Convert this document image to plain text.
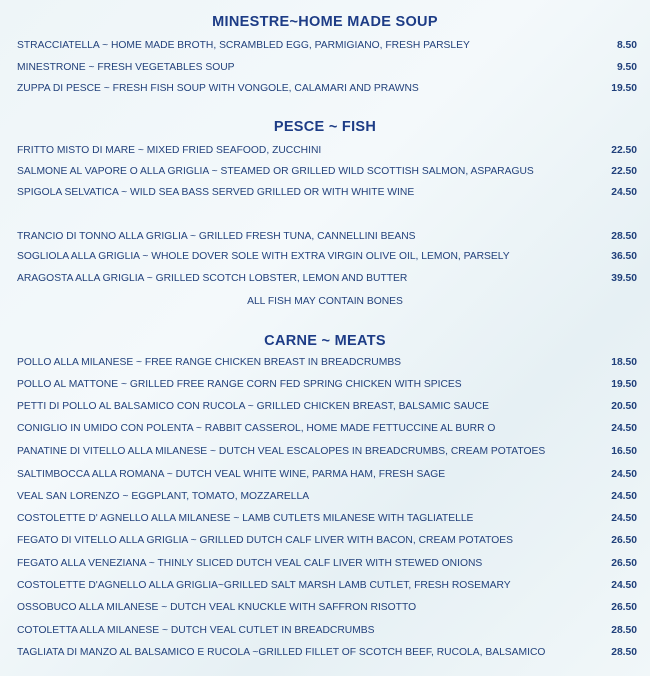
MINESTRE~HOME MADE SOUP
STRACCIATELLA ~ HOME MADE BROTH, SCRAMBLED EGG, PARMIGIANO, FRESH PARSLEY	8.50
MINESTRONE ~ FRESH VEGETABLES SOUP	9.50
ZUPPA DI PESCE ~ FRESH FISH SOUP WITH VONGOLE, CALAMARI AND PRAWNS	19.50
PESCE ~ FISH
FRITTO MISTO DI MARE ~ MIXED FRIED SEAFOOD, ZUCCHINI	22.50
SALMONE AL VAPORE O ALLA GRIGLIA ~ STEAMED OR GRILLED WILD SCOTTISH SALMON, ASPARAGUS	22.50
SPIGOLA SELVATICA ~ WILD SEA BASS SERVED GRILLED OR WITH WHITE WINE	24.50
TRANCIO DI TONNO ALLA GRIGLIA ~ GRILLED FRESH TUNA, CANNELLINI BEANS	28.50
SOGLIOLA ALLA GRIGLIA ~ WHOLE DOVER SOLE WITH EXTRA VIRGIN OLIVE OIL, LEMON, PARSELY	36.50
ARAGOSTA ALLA GRIGLIA ~ GRILLED SCOTCH LOBSTER, LEMON AND BUTTER	39.50
ALL FISH MAY CONTAIN BONES
CARNE ~ MEATS
POLLO ALLA MILANESE ~ FREE RANGE CHICKEN BREAST IN BREADCRUMBS	18.50
POLLO AL MATTONE ~ GRILLED FREE RANGE CORN FED SPRING CHICKEN WITH SPICES	19.50
PETTI DI POLLO AL BALSAMICO CON RUCOLA ~ GRILLED CHICKEN BREAST, BALSAMIC SAUCE	20.50
CONIGLIO IN UMIDO CON POLENTA ~ RABBIT CASSEROL, HOME MADE FETTUCCINE AL BURR O	24.50
PANATINE DI VITELLO ALLA MILANESE ~ DUTCH VEAL ESCALOPES IN BREADCRUMBS, CREAM POTATOES	16.50
SALTIMBOCCA ALLA ROMANA ~ DUTCH VEAL WHITE WINE, PARMA HAM, FRESH SAGE	24.50
VEAL SAN LORENZO ~ EGGPLANT, TOMATO, MOZZARELLA	24.50
COSTOLETTE D' AGNELLO ALLA MILANESE ~ LAMB CUTLETS MILANESE WITH TAGLIATELLE	24.50
FEGATO DI VITELLO ALLA GRIGLIA ~ GRILLED DUTCH CALF LIVER WITH BACON, CREAM POTATOES	26.50
FEGATO ALLA VENEZIANA ~ THINLY SLICED DUTCH VEAL CALF LIVER WITH STEWED ONIONS	26.50
COSTOLETTE D'AGNELLO ALLA GRIGLIA~GRILLED SALT MARSH LAMB CUTLET, FRESH ROSEMARY	24.50
OSSOBUCO ALLA MILANESE ~ DUTCH VEAL KNUCKLE WITH SAFFRON RISOTTO	26.50
COTOLETTA ALLA MILANESE ~ DUTCH VEAL CUTLET IN BREADCRUMBS	28.50
TAGLIATA DI MANZO AL BALSAMICO E RUCOLA ~GRILLED FILLET OF SCOTCH BEEF, RUCOLA, BALSAMICO	28.50
